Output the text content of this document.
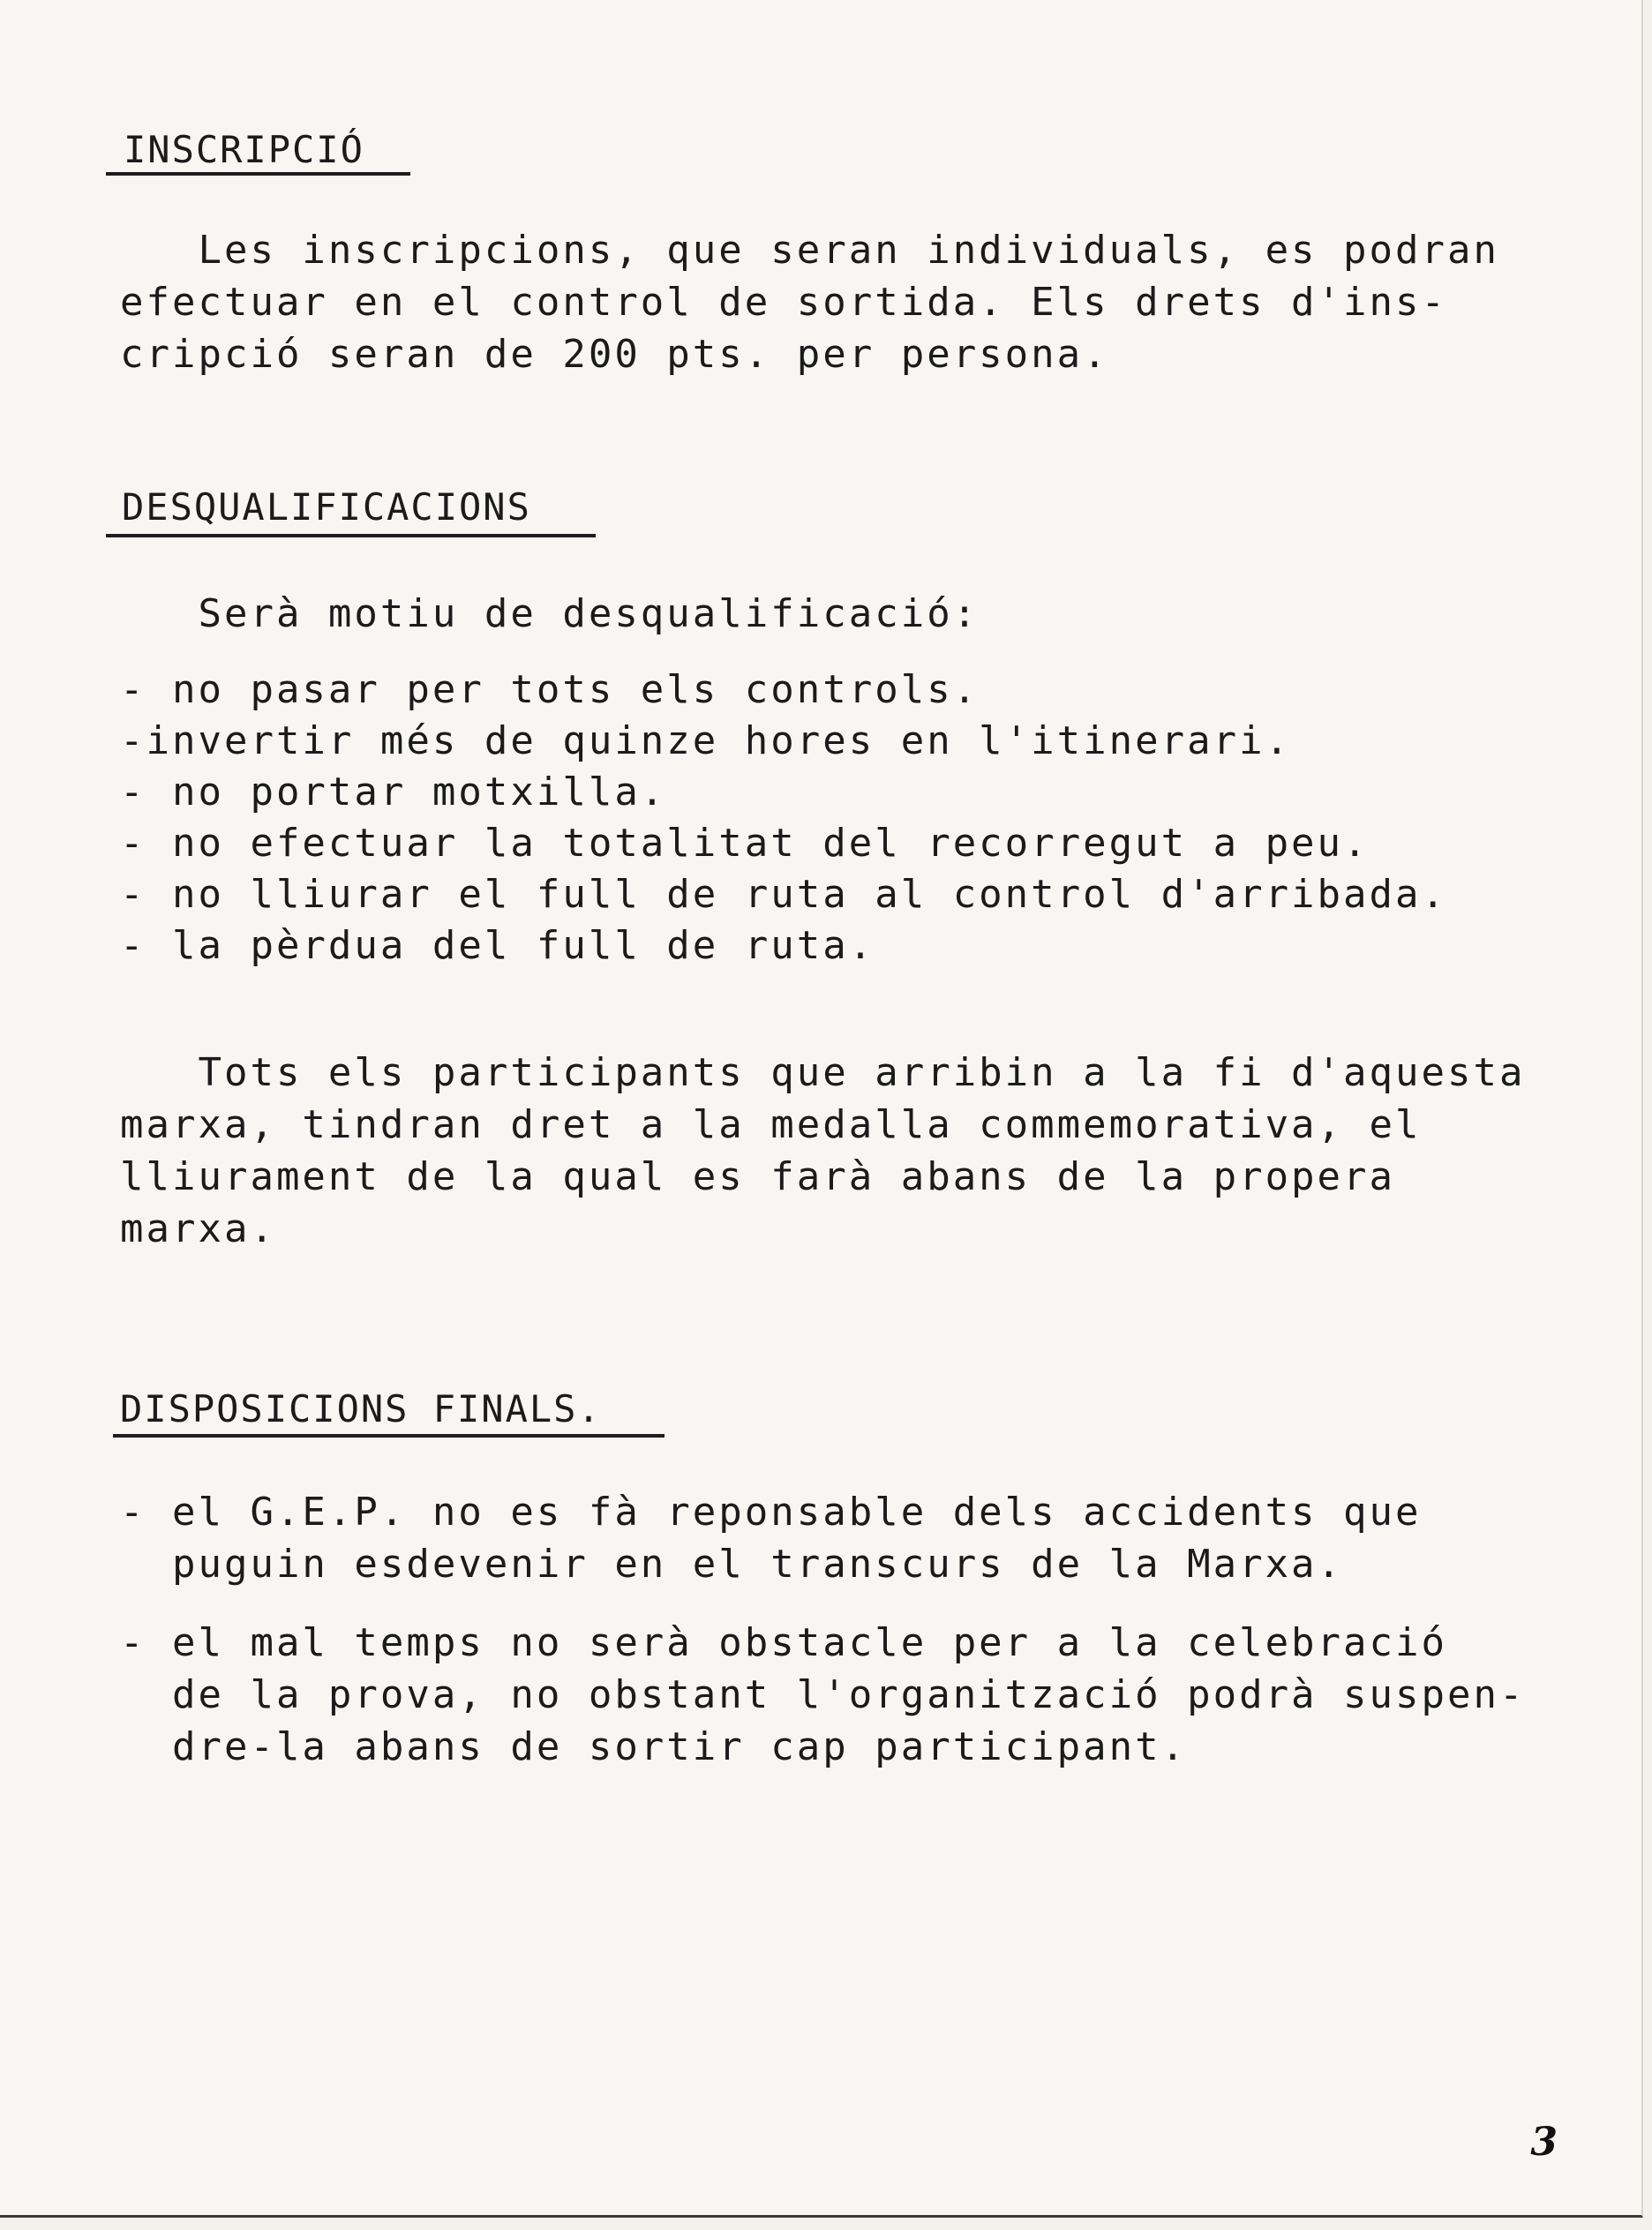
INSCRIPCIÓ
Les inscripcions, que seran individuals, es podran
efectuar en el control de sortida. Els drets d'ins-
cripció seran de 200 pts. per persona.
DESQUALIFICACIONS
Serà motiu de desqualificació:
- no pasar per tots els controls.
-invertir més de quinze hores en l'itinerari.
- no portar motxilla.
- no efectuar la totalitat del recorregut a peu.
- no lliurar el full de ruta al control d'arribada.
- la pèrdua del full de ruta.
Tots els participants que arribin a la fi d'aquesta
marxa, tindran dret a la medalla commemorativa, el
lliurament de la qual es farà abans de la propera
marxa.
DISPOSICIONS FINALS.
- el G.E.P. no es fà reponsable dels accidents que
puguin esdevenir en el transcurs de la Marxa.
- el mal temps no serà obstacle per a la celebració
de la prova, no obstant l'organització podrà suspen-
dre-la abans de sortir cap participant.
3
